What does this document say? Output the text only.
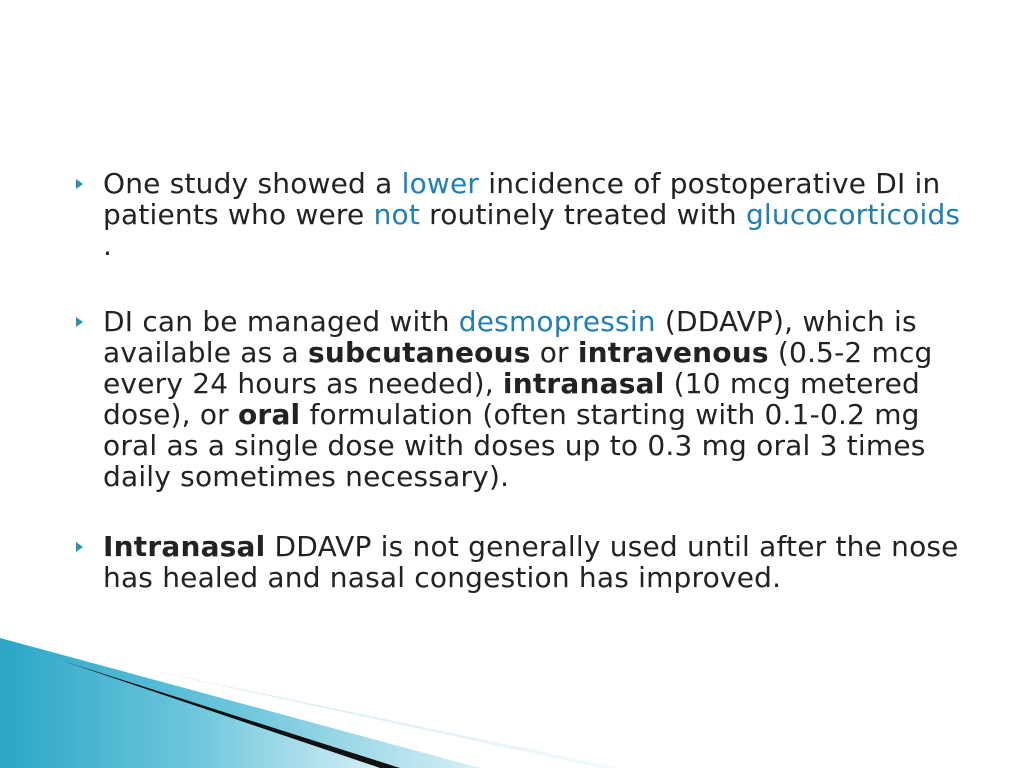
One study showed a lower incidence of postoperative DI in patients who were not routinely treated with glucocorticoids .
DI can be managed with desmopressin (DDAVP), which is available as a subcutaneous or intravenous (0.5-2 mcg every 24 hours as needed), intranasal (10 mcg metered dose), or oral formulation (often starting with 0.1-0.2 mg oral as a single dose with doses up to 0.3 mg oral 3 times daily sometimes necessary).
Intranasal DDAVP is not generally used until after the nose has healed and nasal congestion has improved.
